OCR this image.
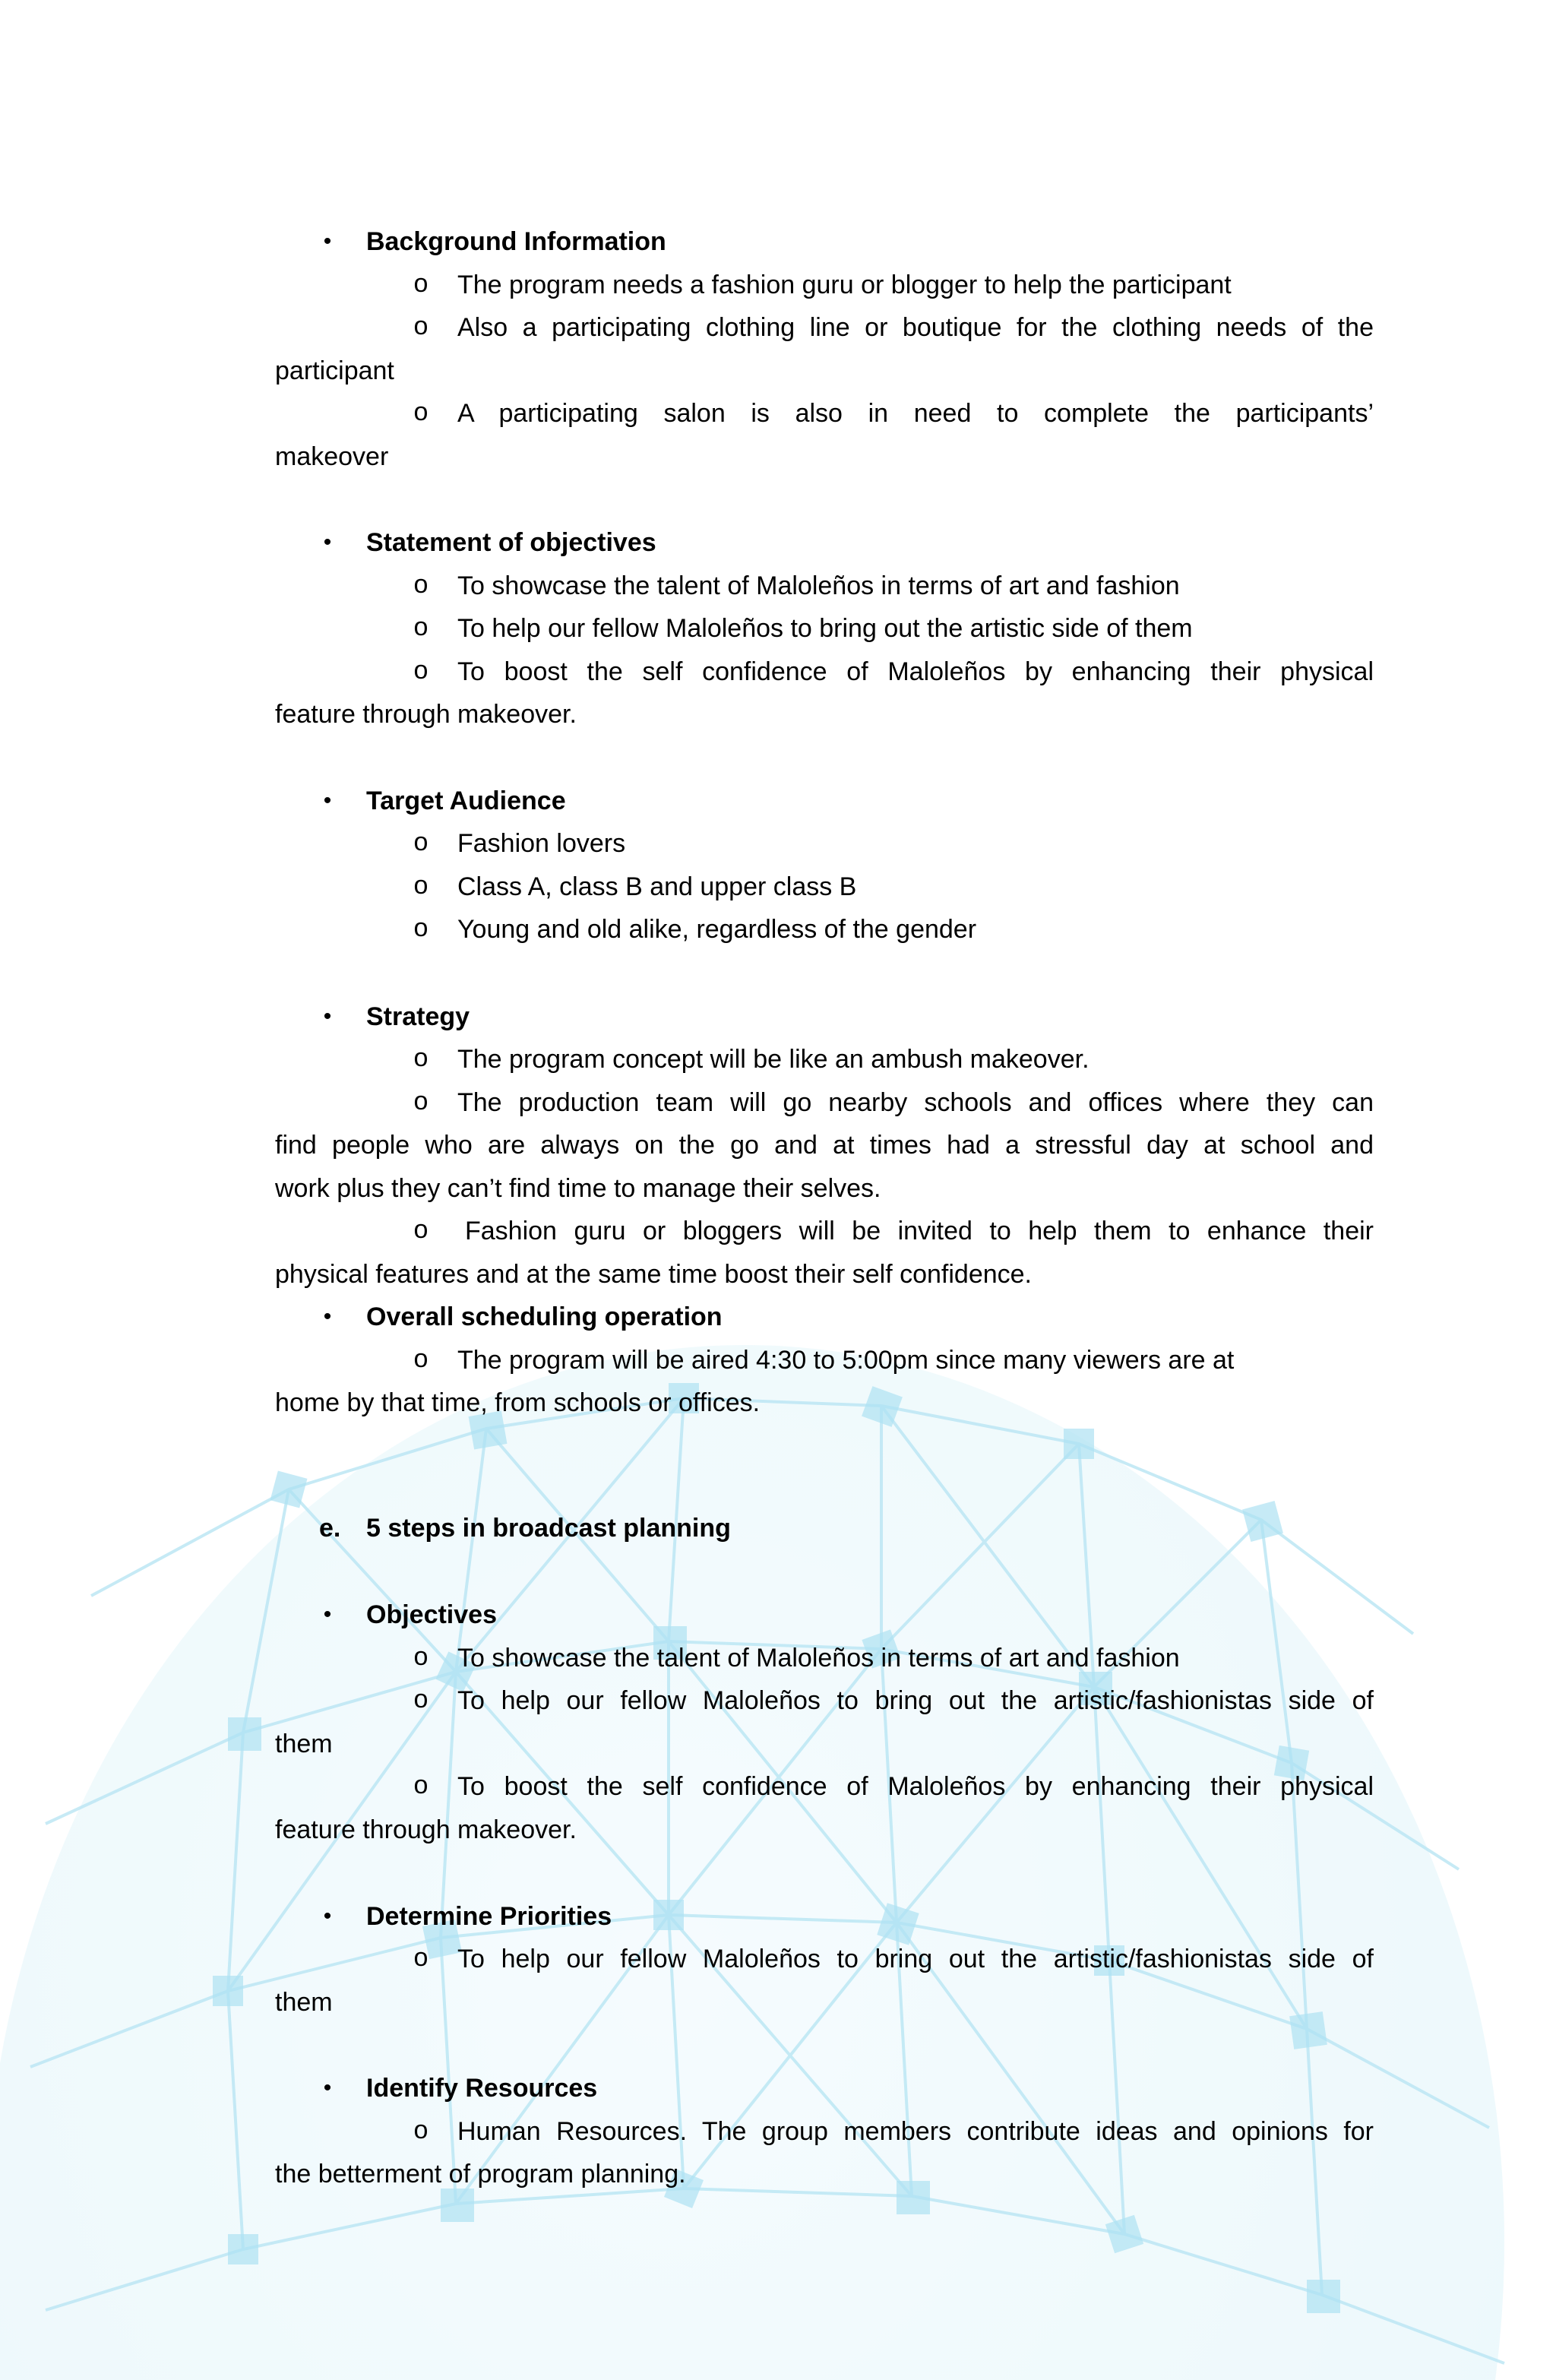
• Background Information
o The program needs a fashion guru or blogger to help the participant
o Also a participating clothing line or boutique for the clothing needs of the
participant
o A participating salon is also in need to complete the participants’
makeover
• Statement of objectives
o To showcase the talent of Maloleños in terms of art and fashion
o To help our fellow Maloleños to bring out the artistic side of them
o To boost the self confidence of Maloleños by enhancing their physical
feature through makeover.
• Target Audience
o Fashion lovers
o Class A, class B and upper class B
o Young and old alike, regardless of the gender
• Strategy
o The program concept will be like an ambush makeover.
o The production team will go nearby schools and offices where they can
find people who are always on the go and at times had a stressful day at school and
work plus they can’t find time to manage their selves.
o Fashion guru or bloggers will be invited to help them to enhance their
physical features and at the same time boost their self confidence.
• Overall scheduling operation
o The program will be aired 4:30 to 5:00pm since many viewers are at
home by that time, from schools or offices.
e. 5 steps in broadcast planning
• Objectives
o To showcase the talent of Maloleños in terms of art and fashion
o To help our fellow Maloleños to bring out the artistic/fashionistas side of
them
o To boost the self confidence of Maloleños by enhancing their physical
feature through makeover.
• Determine Priorities
o To help our fellow Maloleños to bring out the artistic/fashionistas side of
them
• Identify Resources
o Human Resources. The group members contribute ideas and opinions for
the betterment of program planning.
